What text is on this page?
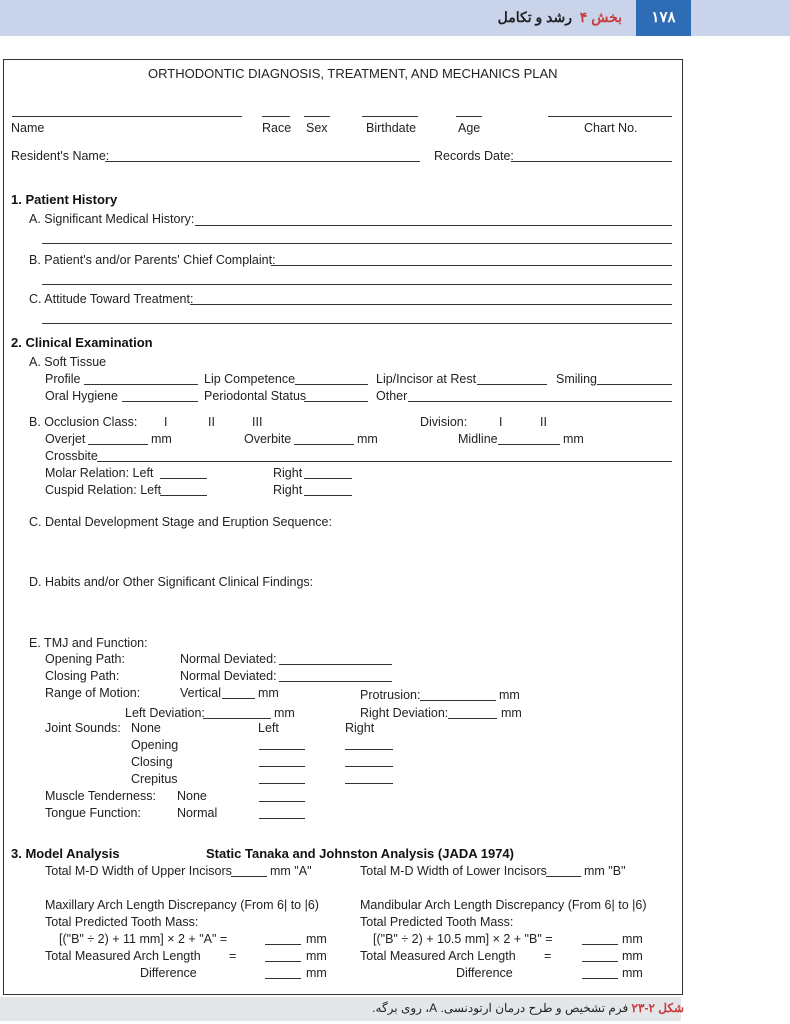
۱۷۸
بخش ۴  رشد و تکامل
ORTHODONTIC DIAGNOSIS, TREATMENT, AND MECHANICS PLAN
Name	Race Sex	Birthdate	Age	Chart No.
Resident's Name:	Records Date:
1. Patient History
A. Significant Medical History:
B. Patient's and/or Parents' Chief Complaint:
C. Attitude Toward Treatment:
2. Clinical Examination
A. Soft Tissue
Profile	Lip Competence	Lip/Incisor at Rest	Smiling
Oral Hygiene	Periodontal Status	Other
B. Occlusion Class: I	II	III	Division:	I	II
Overjet	mm	Overbite	mm	Midline	mm
Crossbite
Molar Relation: Left	Right
Cuspid Relation: Left	Right
C. Dental Development Stage and Eruption Sequence:
D. Habits and/or Other Significant Clinical Findings:
E. TMJ and Function:
Opening Path:	Normal Deviated:
Closing Path:	Normal Deviated:
Range of Motion:	Vertical	mm	Protrusion:	mm
Left Deviation:	mm	Right Deviation:	mm
Joint Sounds: None	Left	Right
Opening
Closing
Crepitus
Muscle Tenderness: None
Tongue Function:	Normal
3. Model Analysis	Static Tanaka and Johnston Analysis (JADA 1974)
Total M-D Width of Upper Incisors	mm "A"	Total M-D Width of Lower Incisors	mm "B"
Maxillary Arch Length Discrepancy (From 6| to |6)	Mandibular Arch Length Discrepancy (From 6| to |6)
Total Predicted Tooth Mass:	Total Predicted Tooth Mass:
[("B" ÷ 2) + 11 mm] × 2 + "A" =	mm	[("B" ÷ 2) + 10.5 mm] × 2 + "B" =	mm
Total Measured Arch Length =	mm	Total Measured Arch Length =	mm
Difference	mm	Difference	mm
شکل ۲-۲۳ فرم تشخیص و طرح درمان ارتودنسی. A، روی برگه.
